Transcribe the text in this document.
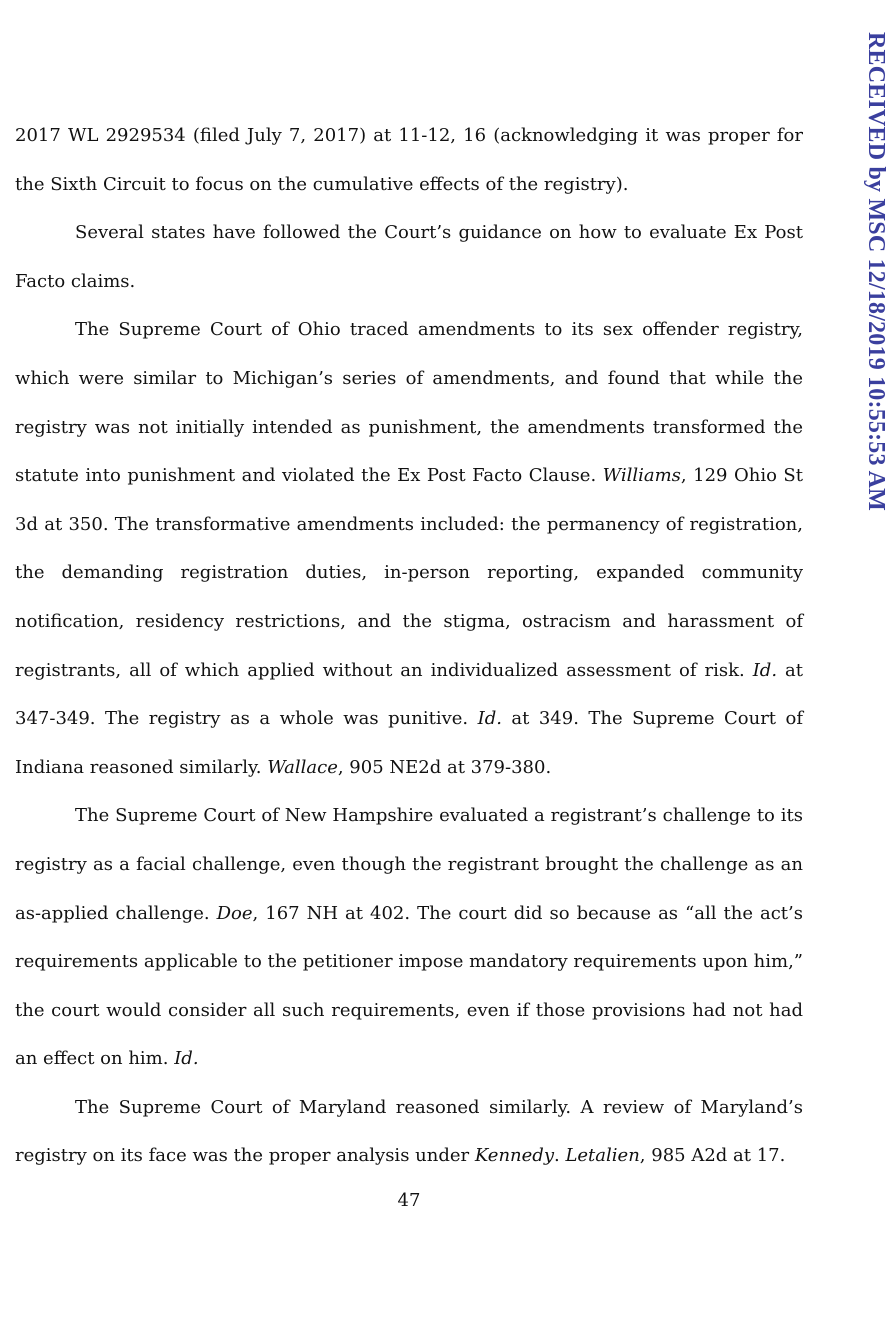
2017 WL 2929534 (filed July 7, 2017) at 11-12, 16 (acknowledging it was proper for the Sixth Circuit to focus on the cumulative effects of the registry).

Several states have followed the Court’s guidance on how to evaluate Ex Post Facto claims.

The Supreme Court of Ohio traced amendments to its sex offender registry, which were similar to Michigan’s series of amendments, and found that while the registry was not initially intended as punishment, the amendments transformed the statute into punishment and violated the Ex Post Facto Clause. Williams, 129 Ohio St 3d at 350. The transformative amendments included: the permanency of registration, the demanding registration duties, in-person reporting, expanded community notification, residency restrictions, and the stigma, ostracism and harassment of registrants, all of which applied without an individualized assessment of risk. Id. at 347-349. The registry as a whole was punitive. Id. at 349. The Supreme Court of Indiana reasoned similarly. Wallace, 905 NE2d at 379-380.

The Supreme Court of New Hampshire evaluated a registrant’s challenge to its registry as a facial challenge, even though the registrant brought the challenge as an as-applied challenge. Doe, 167 NH at 402. The court did so because as “all the act’s requirements applicable to the petitioner impose mandatory requirements upon him,” the court would consider all such requirements, even if those provisions had not had an effect on him. Id.

The Supreme Court of Maryland reasoned similarly. A review of Maryland’s registry on its face was the proper analysis under Kennedy. Letalien, 985 A2d at 17.

47
RECEIVED by MSC 12/18/2019 10:55:53 AM
